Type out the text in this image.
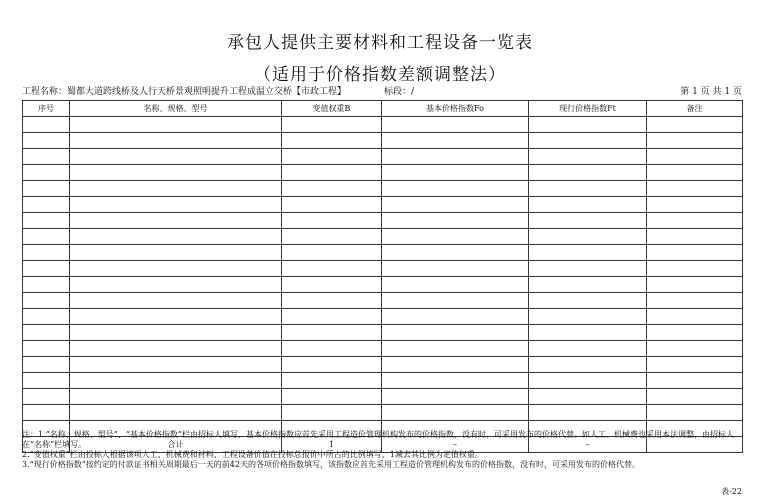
承包人提供主要材料和工程设备一览表
（适用于价格指数差额调整法）
工程名称：蜀都大道跨线桥及人行天桥景观照明提升工程成温立交桥【市政工程】	标段：/	第 1 页 共 1 页
序号	名称、规格、型号	变值权重B	基本价格指数Fo	现行价格指数Ft	备注

	合计	1	–	–	
注：1.“名称、规格、型号”、“基本价格指数”栏由招标人填写，基本价格指数应首先采用工程造价管理机构发布的价格指数，没有时，可采用发布的价格代替。如人工、机械费也采用本法调整，由招标人在“名称”栏填写。
2.“变值权重”栏由投标人根据该项人工、机械费和材料、工程设备价值在投标总报价中所占的比例填写，1减去其比例为定值权重。
3.“现行价格指数”按约定的付款证书相关周期最后一天的前42天的各项价格指数填写，该指数应首先采用工程造价管理机构发布的价格指数，没有时，可采用发布的价格代替。
表-22
